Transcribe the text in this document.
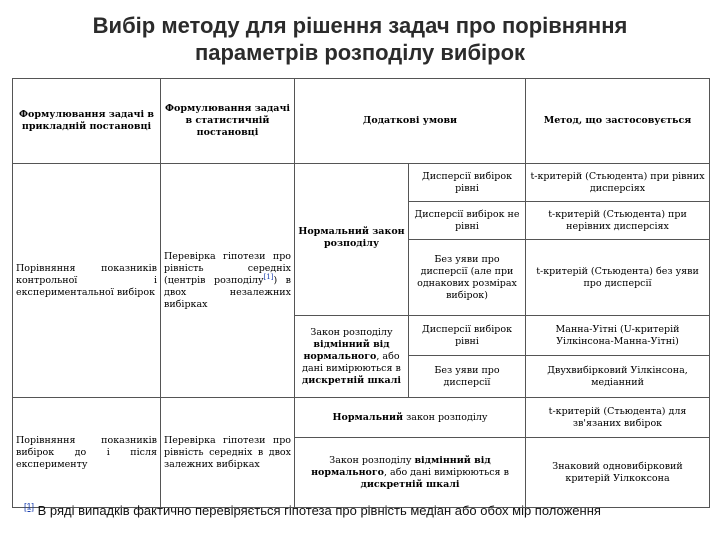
Вибір методу для рішення задач про порівняння
параметрів розподілу вибірок
Формулювання задачі в прикладній постановці	Формулювання задачі в статистичній постановці	Додаткові умови		Метод, що застосовується
Порівняння показників контрольної і експериментальної вибірок	Перевірка гіпотези про рівність середніх (центрів розподілу[1]) в двох незалежних вибірках	Нормальний закон розподілу	Дисперсії вибірок рівні	t-критерій (Стьюдента) при рівних дисперсіях
			Дисперсії вибірок не рівні	t-критерій (Стьюдента) при нерівних дисперсіях
			Без уяви про дисперсії (але при однакових розмірах вибірок)	t-критерій (Стьюдента) без уяви про дисперсії
		Закон розподілу відмінний від нормального, або дані вимірюються в дискретній шкалі	Дисперсії вибірок рівні	Манна-Уітні (U-критерій Уілкінсона-Манна-Уітні)
			Без уяви про дисперсії	Двухвибірковий Уілкінсона, медіанний
Порівняння показників вибірок до і після експерименту	Перевірка гіпотези про рівність середніх в двох залежних вибірках	Нормальний закон розподілу		t-критерій (Стьюдента) для зв'язаних вибірок
		Закон розподілу відмінний від нормального, або дані вимірюються в дискретній шкалі		Знаковий одновибірковий критерій Уілкоксона
[1] В ряді випадків фактично перевіряється гіпотеза про рівність медіан або обох мір положення
